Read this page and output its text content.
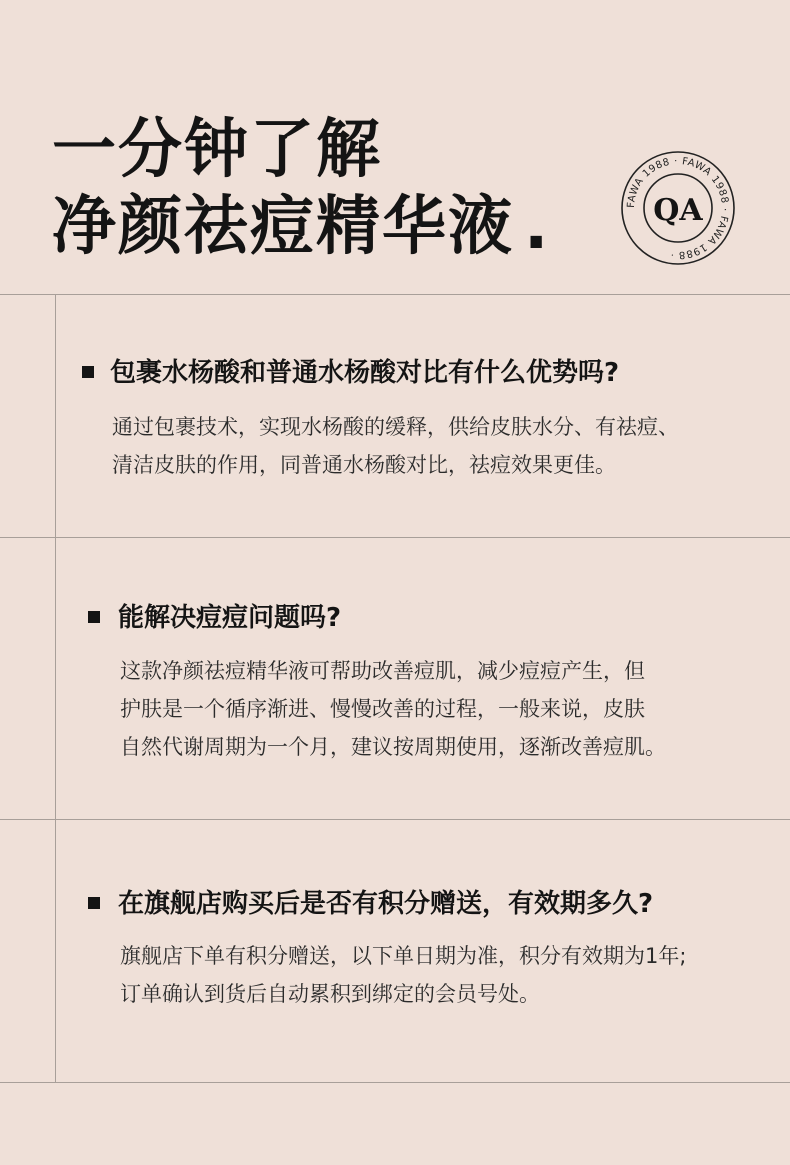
一分钟了解
净颜祛痘精华液 .	FAWA 1988 · FAWA 1988 · FAWA 1988 ·
QA
包裹水杨酸和普通水杨酸对比有什么优势吗?
通过包裹技术，实现水杨酸的缓释，供给皮肤水分、有祛痘、
清洁皮肤的作用，同普通水杨酸对比，祛痘效果更佳。
能解决痘痘问题吗?
这款净颜祛痘精华液可帮助改善痘肌，减少痘痘产生，但
护肤是一个循序渐进、慢慢改善的过程，一般来说，皮肤
自然代谢周期为一个月，建议按周期使用，逐渐改善痘肌。
在旗舰店购买后是否有积分赠送，有效期多久?
旗舰店下单有积分赠送，以下单日期为准，积分有效期为1年;
订单确认到货后自动累积到绑定的会员号处。
